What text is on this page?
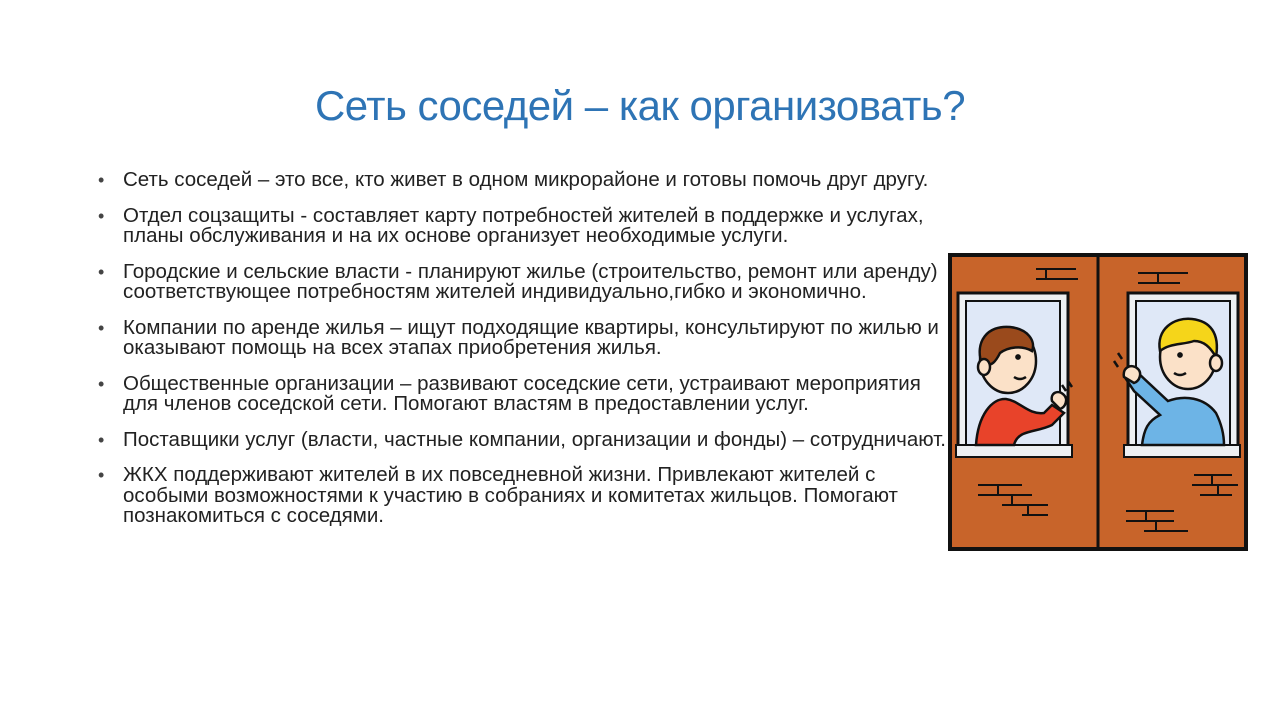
Сеть соседей – как организовать?
• Сеть соседей – это все, кто живет в одном микрорайоне и готовы помочь друг другу.
• Отдел соцзащиты - составляет карту потребностей жителей в поддержке и услугах, планы обслуживания и на их основе организует необходимые услуги.
• Городские и сельские власти - планируют жилье (строительство, ремонт или аренду) соответствующее потребностям жителей индивидуально,гибко и экономично.
• Компании по аренде жилья – ищут подходящие квартиры, консультируют по жилью и оказывают помощь на всех этапах приобретения жилья.
• Общественные организации – развивают соседские сети, устраивают мероприятия для членов соседской сети. Помогают властям в предоставлении услуг.
• Поставщики услуг (власти, частные компании, организации и фонды) – сотрудничают.
• ЖКХ поддерживают жителей в их повседневной жизни. Привлекают жителей с особыми возможностями к участию в собраниях и комитетах жильцов. Помогают познакомиться с соседями.
